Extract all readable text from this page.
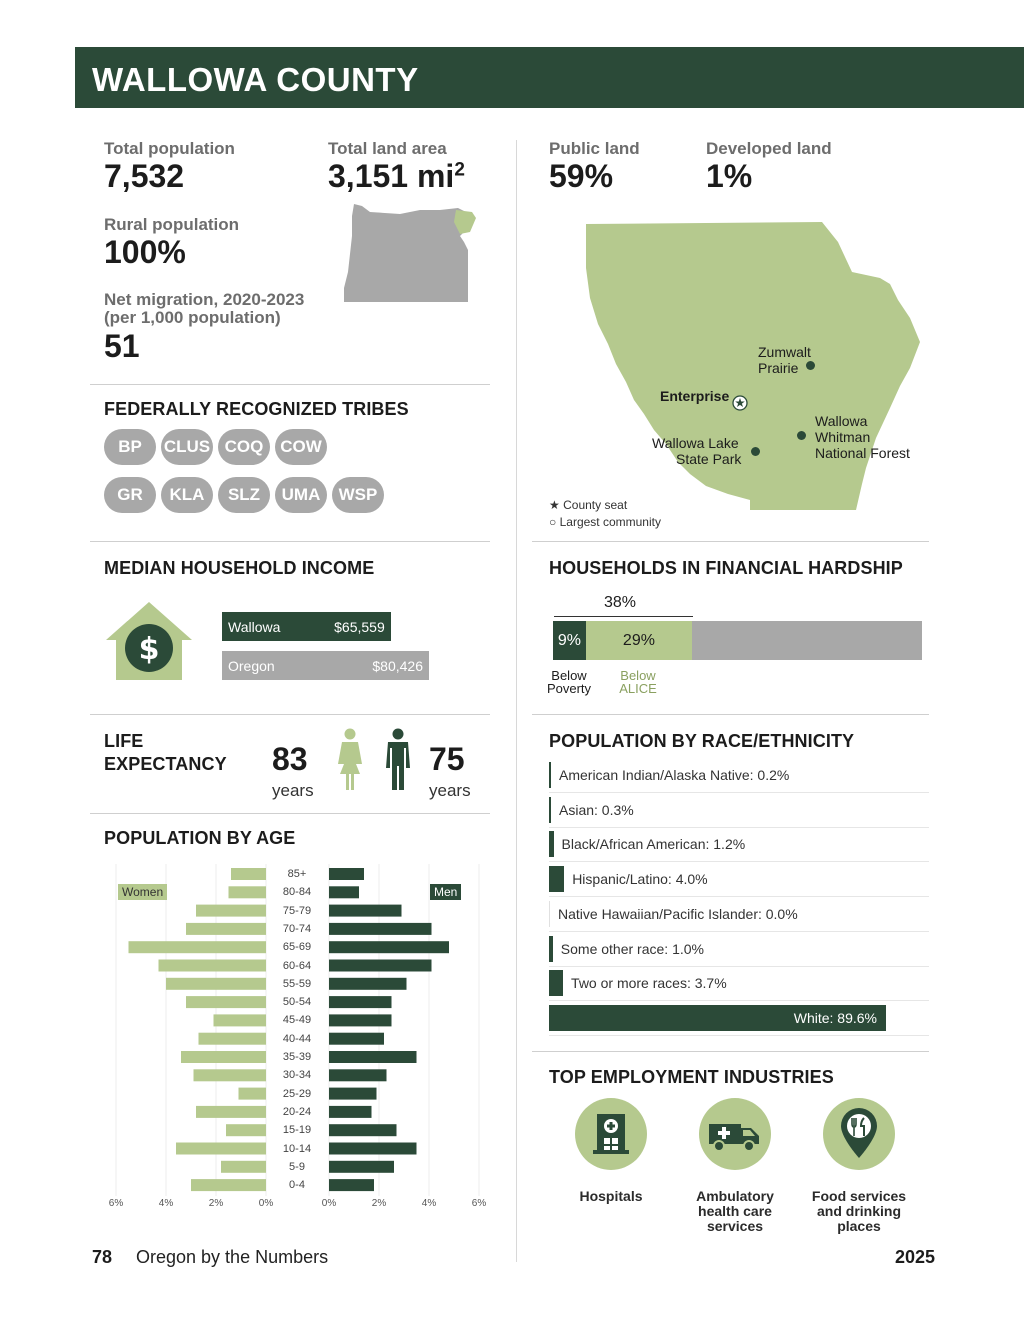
WALLOWA COUNTY
Total population
7,532
Total land area
3,151 $mi^2$
Rural population
100%
Net migration, 2020-2023
(per 1,000 population)
51
Public land
59%
Developed land
1%
Zumwalt
Prairie
Enterprise
Wallowa Lake
State Park
Wallowa
Whitman
National Forest
★ County seat
○ Largest community
FEDERALLY RECOGNIZED TRIBES
BP	CLUS COQ COW
GR	KLA	SLZ	UMA	WSP
MEDIAN HOUSEHOLD INCOME
$
Wallowa	$65,559
Oregon	$80,426
HOUSEHOLDS IN FINANCIAL HARDSHIP
38%
9%	29%
Below
Poverty
Below
ALICE
LIFE
EXPECTANCY 83
years
75
years
POPULATION BY AGE
Women	Men
85+
80-84
75-79
70-74
65-69
60-64
55-59
50-54
45-49
40-44
35-39
30-34
25-29
20-24
15-19
10-14
5-9
0-4
6%	4%	2%	0%	0%	2%	4%	6%
POPULATION BY RACE/ETHNICITY
American Indian/Alaska Native: 0.2%
Asian: 0.3%
Black/African American: 1.2%
Hispanic/Latino: 4.0%
Native Hawaiian/Pacific Islander: 0.0%
Some other race: 1.0%
Two or more races: 3.7%
White: 89.6%
TOP EMPLOYMENT INDUSTRIES
Hospitals	Ambulatory
health care
services
Food services
and drinking
places
78 Oregon by the Numbers	2025
